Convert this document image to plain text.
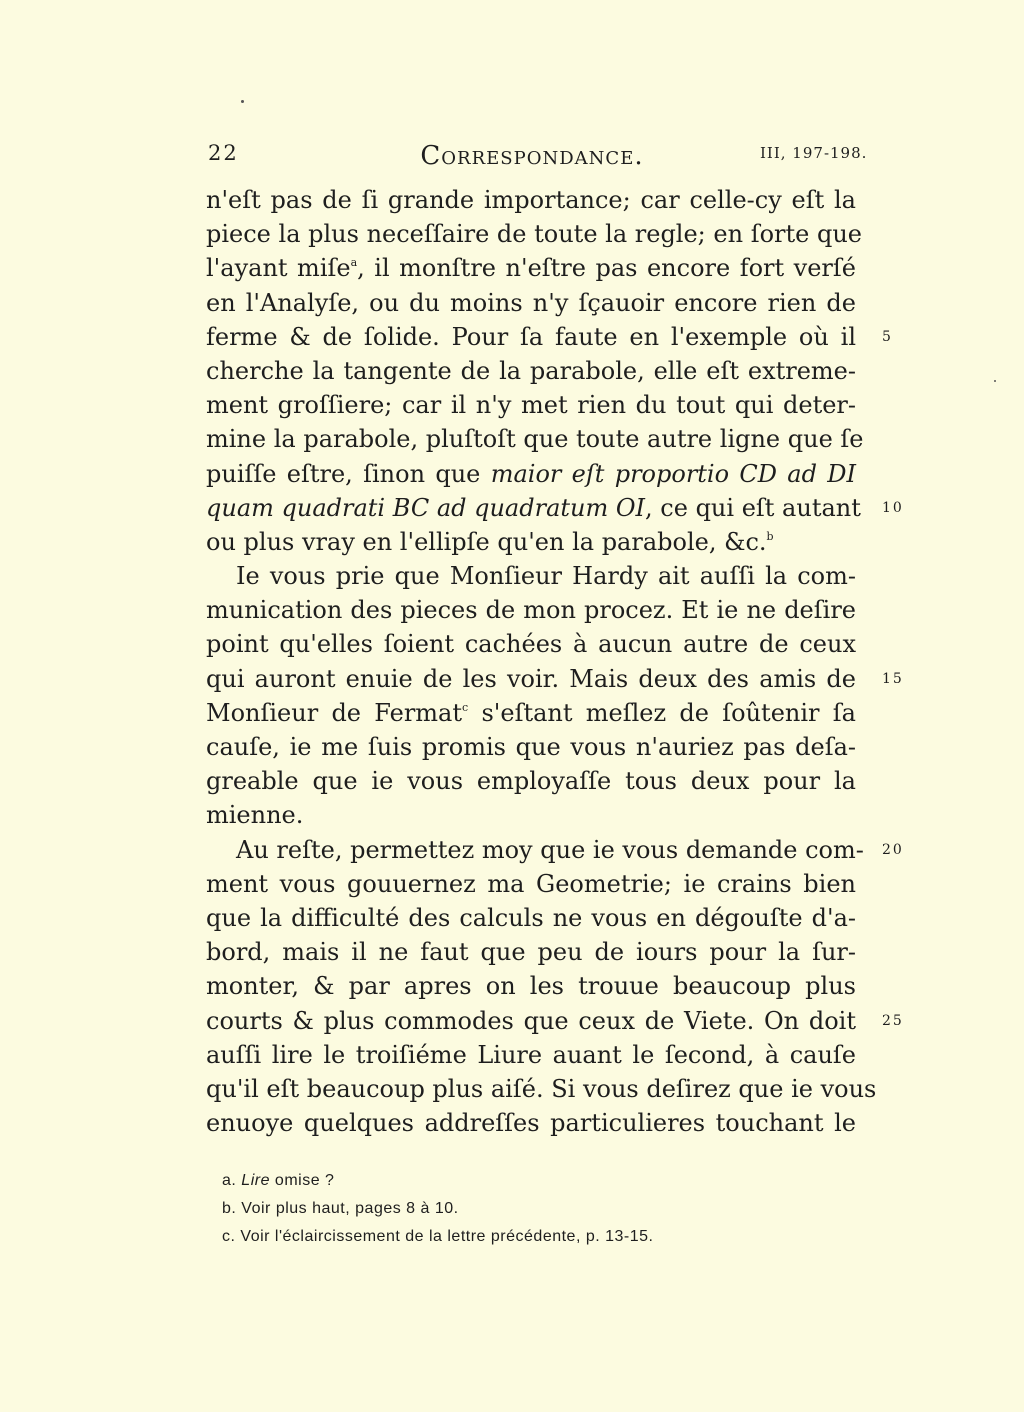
22	Correspondance.	III, 197-198.
n'eſt pas de ſi grande importance; car celle-cy eſt la
piece la plus neceſſaire de toute la regle; en ſorte que
l'ayant miſe$^a$, il monſtre n'eſtre pas encore fort verſé
en l'Analyſe, ou du moins n'y ſçauoir encore rien de
ferme & de ſolide. Pour ſa faute en l'exemple où il 5
cherche la tangente de la parabole, elle eſt extreme-
ment groſſiere; car il n'y met rien du tout qui deter-
mine la parabole, pluſtoſt que toute autre ligne que ſe
puiſſe eſtre, ſinon que maior eſt proportio CD ad DI
quam quadrati BC ad quadratum OI, ce qui eſt autant 10
ou plus vray en l'ellipſe qu'en la parabole, &c.$^b$
Ie vous prie que Monſieur Hardy ait auſſi la com-
munication des pieces de mon procez. Et ie ne deſire
point qu'elles ſoient cachées à aucun autre de ceux
qui auront enuie de les voir. Mais deux des amis de 15
Monſieur de Fermat$^c$ s'eſtant meſlez de ſoûtenir ſa
cauſe, ie me ſuis promis que vous n'auriez pas deſa-
greable que ie vous employaſſe tous deux pour la
mienne.
Au reſte, permettez moy que ie vous demande com- 20
ment vous gouuernez ma Geometrie; ie crains bien
que la difficulté des calculs ne vous en dégouſte d'a-
bord, mais il ne faut que peu de iours pour la ſur-
monter, & par apres on les trouue beaucoup plus
courts & plus commodes que ceux de Viete. On doit 25
auſſi lire le troiſiéme Liure auant le ſecond, à cauſe
qu'il eſt beaucoup plus aiſé. Si vous deſirez que ie vous
enuoye quelques addreſſes particulieres touchant le
a. Lire omise ?
b. Voir plus haut, pages 8 à 10.
c. Voir l'éclaircissement de la lettre précédente, p. 13-15.
